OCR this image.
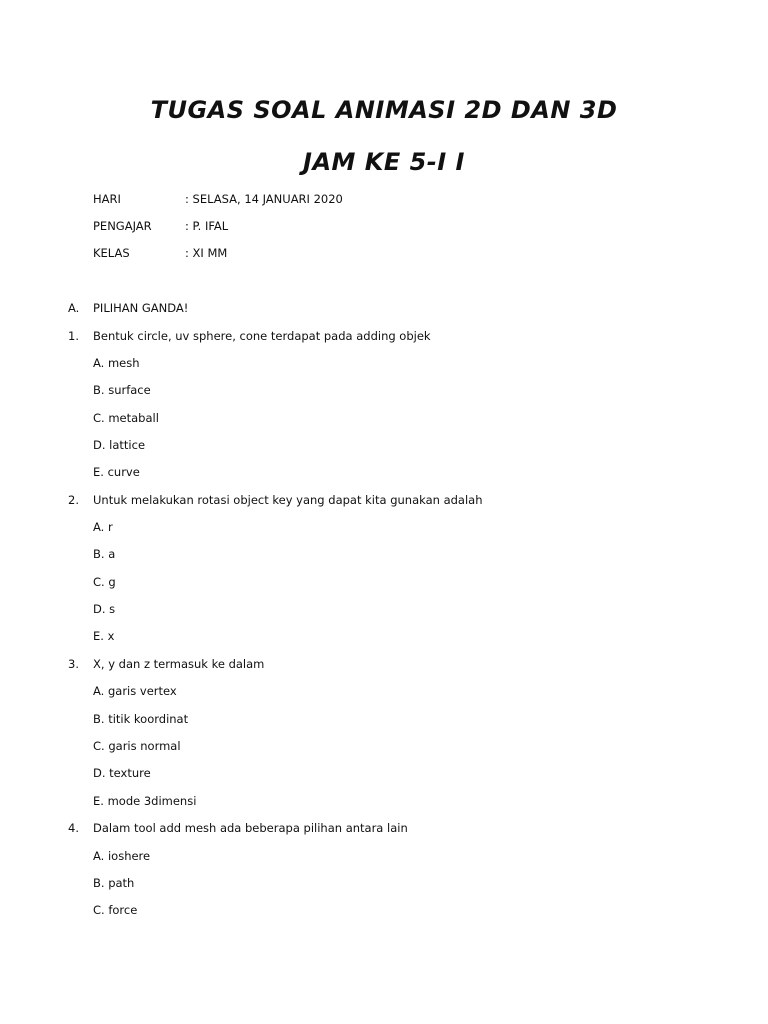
TUGAS SOAL ANIMASI 2D DAN 3D
JAM KE 5-I I
HARI	: SELASA, 14 JANUARI 2020
PENGAJAR	: P. IFAL
KELAS	: XI MM
A. PILIHAN GANDA!
1. Bentuk circle, uv sphere, cone terdapat pada adding objek
A. mesh
B. surface
C. metaball
D. lattice
E. curve
2. Untuk melakukan rotasi object key yang dapat kita gunakan adalah
A. r
B. a
C. g
D. s
E. x
3. X, y dan z termasuk ke dalam
A. garis vertex
B. titik koordinat
C. garis normal
D. texture
E. mode 3dimensi
4. Dalam tool add mesh ada beberapa pilihan antara lain
A. ioshere
B. path
C. force
